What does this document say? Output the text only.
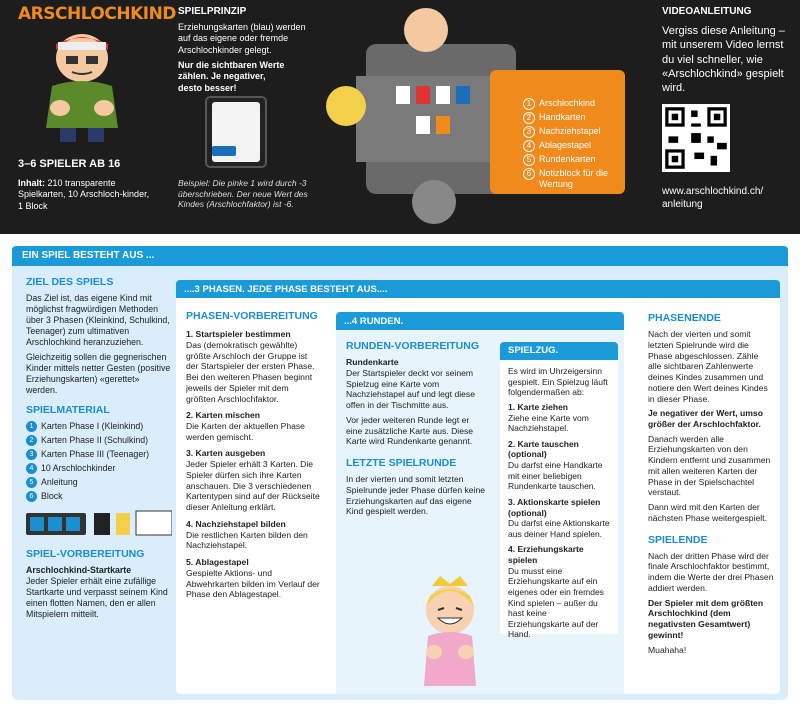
ARSCHLOCHKIND
3–6 SPIELER AB 16
Inhalt: 210 transparente Spielkarten, 10 Arschloch-kinder, 1 Block
SPIELPRINZIP
Erziehungskarten (blau) werden auf das eigene oder fremde Arschlochkinder gelegt.
Nur die sichtbaren Werte zählen. Je negativer, desto besser!
Beispiel: Die pinke 1 wird durch -3 überschrieben. Der neue Wert des Kindes (Arschlochfaktor) ist -6.
1 Arschlochkind
2 Handkarten
3 Nachziehstapel
4 Ablagestapel
5 Rundenkarten
6 Notizblock für die Wertung
VIDEOANLEITUNG
Vergiss diese Anleitung – mit unserem Video lernst du viel schneller, wie «Arschlochkind» gespielt wird.
www.arschlochkind.ch/ anleitung
EIN SPIEL BESTEHT AUS ...
ZIEL DES SPIELS

Das Ziel ist, das eigene Kind mit möglichst fragwürdigen Methoden über 3 Phasen (Kleinkind, Schulkind, Teenager) zum ultimativen Arschlochkind heranzuziehen.

Gleichzeitig sollen die gegnerischen Kinder mittels netter Gesten (positive Erziehungskarten) «gerettet» werden.

SPIELMATERIAL
1 Karten Phase I (Kleinkind)
2 Karten Phase II (Schulkind)
3 Karten Phase III (Teenager)
4 10 Arschlochkinder
5 Anleitung
6 Block
SPIEL-VORBEREITUNG

Arschlochkind-Startkarte

Jeder Spieler erhält eine zufällige Startkarte und verpasst seinem Kind einen flotten Namen, den er allen Mitspielern mitteilt.

....3 PHASEN. JEDE PHASE BESTEHT AUS....
PHASEN-VORBEREITUNG
1. Startspieler bestimmen
Das (demokratisch gewählte) größte Arschloch der Gruppe ist der Startspieler der ersten Phase. Bei den weiteren Phasen beginnt jeweils der Spieler mit dem größten Arschlochfaktor.
2. Karten mischen
Die Karten der aktuellen Phase werden gemischt.
3. Karten ausgeben
Jeder Spieler erhält 3 Karten. Die Spieler dürfen sich ihre Karten anschauen. Die 3 verschiedenen Kartentypen sind auf der Rückseite dieser Anleitung erklärt.
4. Nachziehstapel bilden
Die restlichen Karten bilden den Nachziehstapel.
5. Ablagestapel
Gespielte Aktions- und Abwehrkarten bilden im Verlauf der Phase den Ablagestapel.
...4 RUNDEN.
RUNDEN-VORBEREITUNG

Rundenkarte

Der Startspieler deckt vor seinem Spielzug eine Karte vom Nachziehstapel auf und legt diese offen in der Tischmitte aus.

Vor jeder weiteren Runde legt er eine zusätzliche Karte aus. Diese Karte wird Rundenkarte genannt.

LETZTE SPIELRUNDE

In der vierten und somit letzten Spielrunde jeder Phase dürfen keine Erziehungskarten auf das eigene Kind gespielt werden.

SPIELZUG.
Es wird im Uhrzeigersinn gespielt. Ein Spielzug läuft folgendermaßen ab:
1. Karte ziehen
Ziehe eine Karte vom Nachziehstapel.
2. Karte tauschen (optional)
Du darfst eine Handkarte mit einer beliebigen Rundenkarte tauschen.
3. Aktionskarte spielen (optional)
Du darfst eine Aktionskarte aus deiner Hand spielen.
4. Erziehungskarte spielen
Du musst eine Erziehungskarte auf ein eigenes oder ein fremdes Kind spielen – außer du hast keine Erziehungskarte auf der Hand.
PHASENENDE

Nach der vierten und somit letzten Spielrunde wird die Phase abgeschlossen. Zähle alle sichtbaren Zahlenwerte deines Kindes zusammen und notiere den Wert deines Kindes in dieser Phase.

Je negativer der Wert, umso größer der Arschlochfaktor.

Danach werden alle Erziehungskarten von den Kindern entfernt und zusammen mit allen weiteren Karten der Phase in der Spielschachtel verstaut.

Dann wird mit den Karten der nächsten Phase weitergespielt.

SPIELENDE

Nach der dritten Phase wird der finale Arschlochfaktor bestimmt, indem die Werte der drei Phasen addiert werden.

Der Spieler mit dem größten Arschlochkind (dem negativsten Gesamtwert) gewinnt!

Muahaha!
